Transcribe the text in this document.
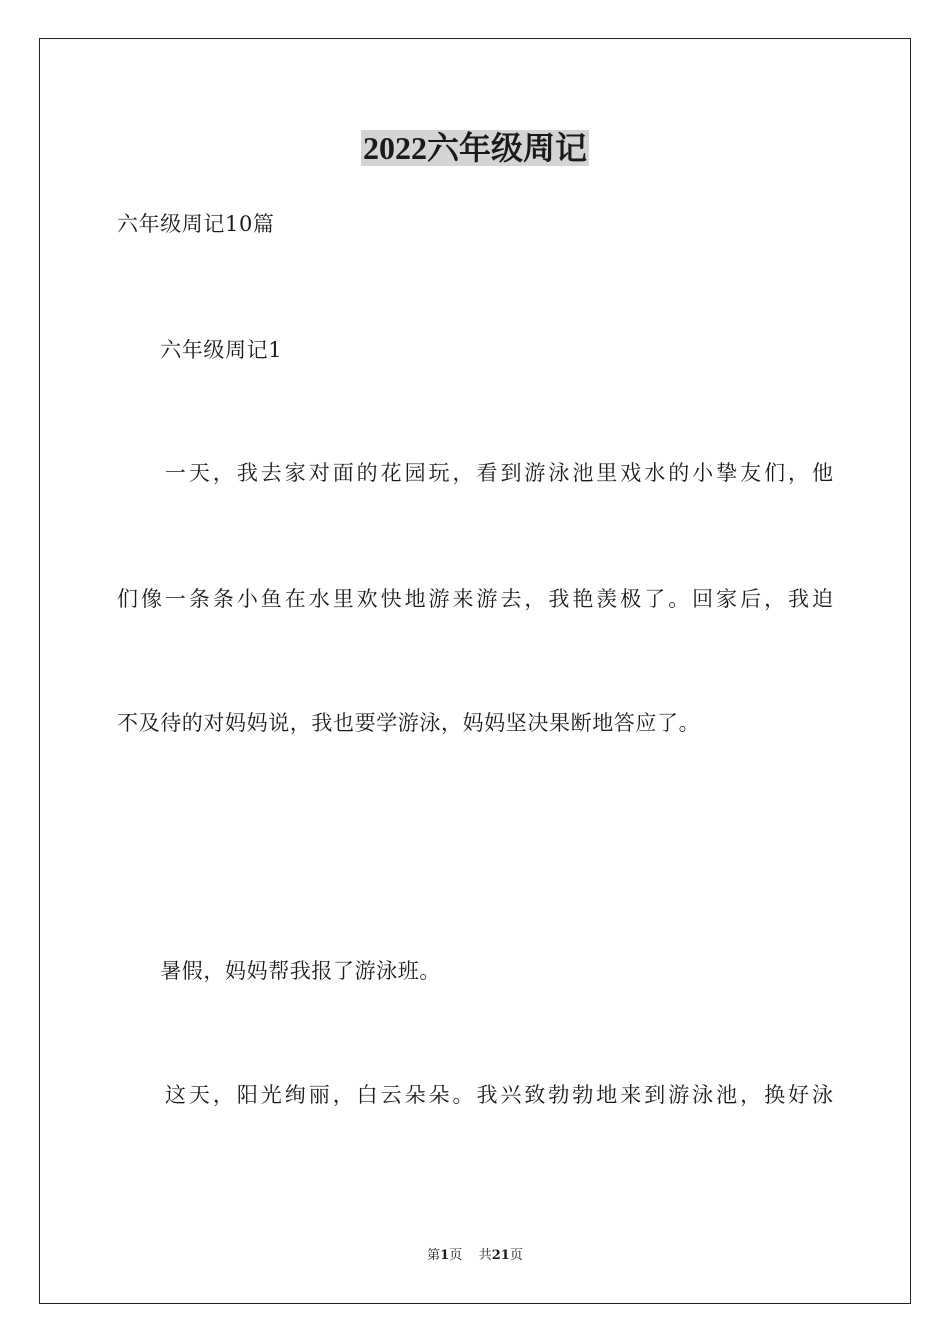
2022六年级周记
六年级周记10篇
　　六年级周记1
　　一天，我去家对面的花园玩，看到游泳池里戏水的小挚友们，他
们像一条条小鱼在水里欢快地游来游去，我艳羡极了。回家后，我迫
不及待的对妈妈说，我也要学游泳，妈妈坚决果断地答应了。
　　暑假，妈妈帮我报了游泳班。
　　这天，阳光绚丽，白云朵朵。我兴致勃勃地来到游泳池，换好泳
第1页 共21页
